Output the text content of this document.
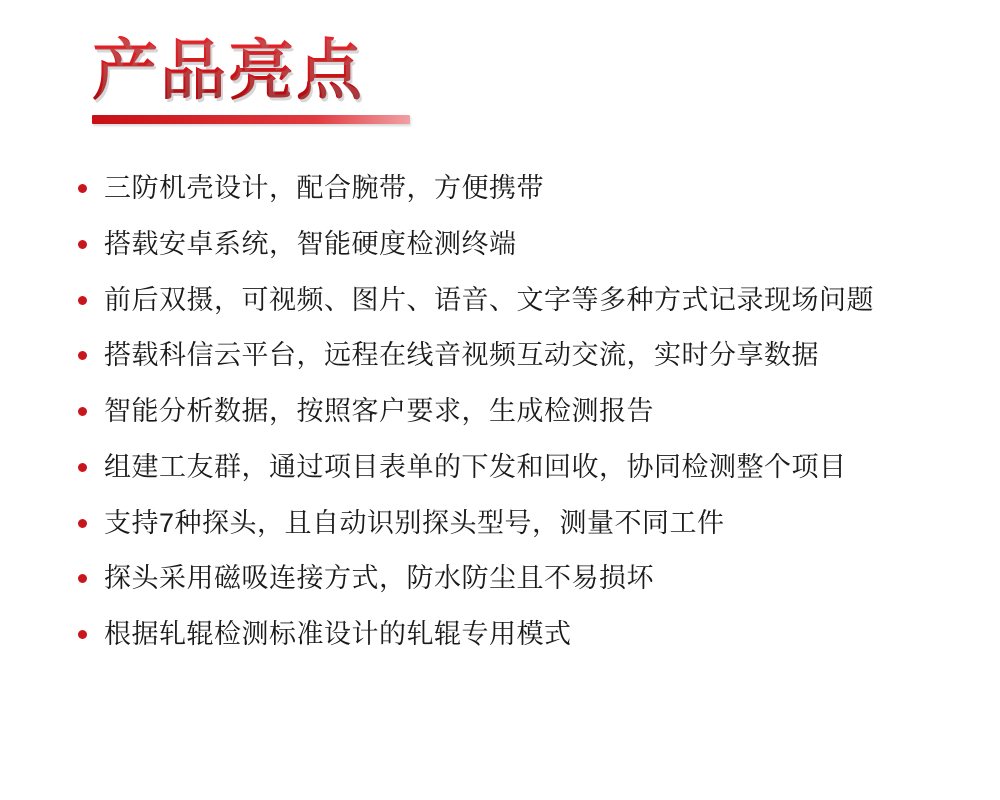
产品亮点
三防机壳设计，配合腕带，方便携带
搭载安卓系统，智能硬度检测终端
前后双摄，可视频、图片、语音、文字等多种方式记录现场问题
搭载科信云平台，远程在线音视频互动交流，实时分享数据
智能分析数据，按照客户要求，生成检测报告
组建工友群，通过项目表单的下发和回收，协同检测整个项目
支持7种探头，且自动识别探头型号，测量不同工件
探头采用磁吸连接方式，防水防尘且不易损坏
根据轧辊检测标准设计的轧辊专用模式
